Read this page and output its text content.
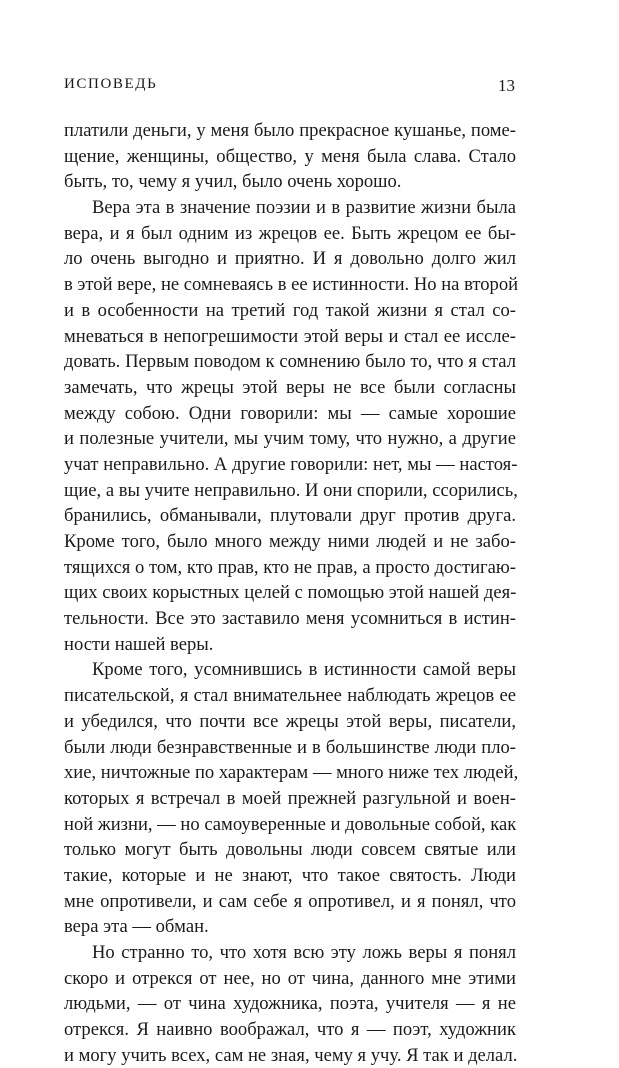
ИСПОВЕДЬ	13
платили деньги, у меня было прекрасное кушанье, поме-
щение, женщины, общество, у меня была слава. Стало
быть, то, чему я учил, было очень хорошо.
Вера эта в значение поэзии и в развитие жизни была
вера, и я был одним из жрецов ее. Быть жрецом ее бы-
ло очень выгодно и приятно. И я довольно долго жил
в этой вере, не сомневаясь в ее истинности. Но на второй
и в особенности на третий год такой жизни я стал со-
мневаться в непогрешимости этой веры и стал ее иссле-
довать. Первым поводом к сомнению было то, что я стал
замечать, что жрецы этой веры не все были согласны
между собою. Одни говорили: мы — самые хорошие
и полезные учители, мы учим тому, что нужно, а другие
учат неправильно. А другие говорили: нет, мы — настоя-
щие, а вы учите неправильно. И они спорили, ссорились,
бранились, обманывали, плутовали друг против друга.
Кроме того, было много между ними людей и не забо-
тящихся о том, кто прав, кто не прав, а просто достигаю-
щих своих корыстных целей с помощью этой нашей дея-
тельности. Все это заставило меня усомниться в истин-
ности нашей веры.
Кроме того, усомнившись в истинности самой веры
писательской, я стал внимательнее наблюдать жрецов ее
и убедился, что почти все жрецы этой веры, писатели,
были люди безнравственные и в большинстве люди пло-
хие, ничтожные по характерам — много ниже тех людей,
которых я встречал в моей прежней разгульной и воен-
ной жизни, — но самоуверенные и довольные собой, как
только могут быть довольны люди совсем святые или
такие, которые и не знают, что такое святость. Люди
мне опротивели, и сам себе я опротивел, и я понял, что
вера эта — обман.
Но странно то, что хотя всю эту ложь веры я понял
скоро и отрекся от нее, но от чина, данного мне этими
людьми, — от чина художника, поэта, учителя — я не
отрекся. Я наивно воображал, что я — поэт, художник
и могу учить всех, сам не зная, чему я учу. Я так и делал.
